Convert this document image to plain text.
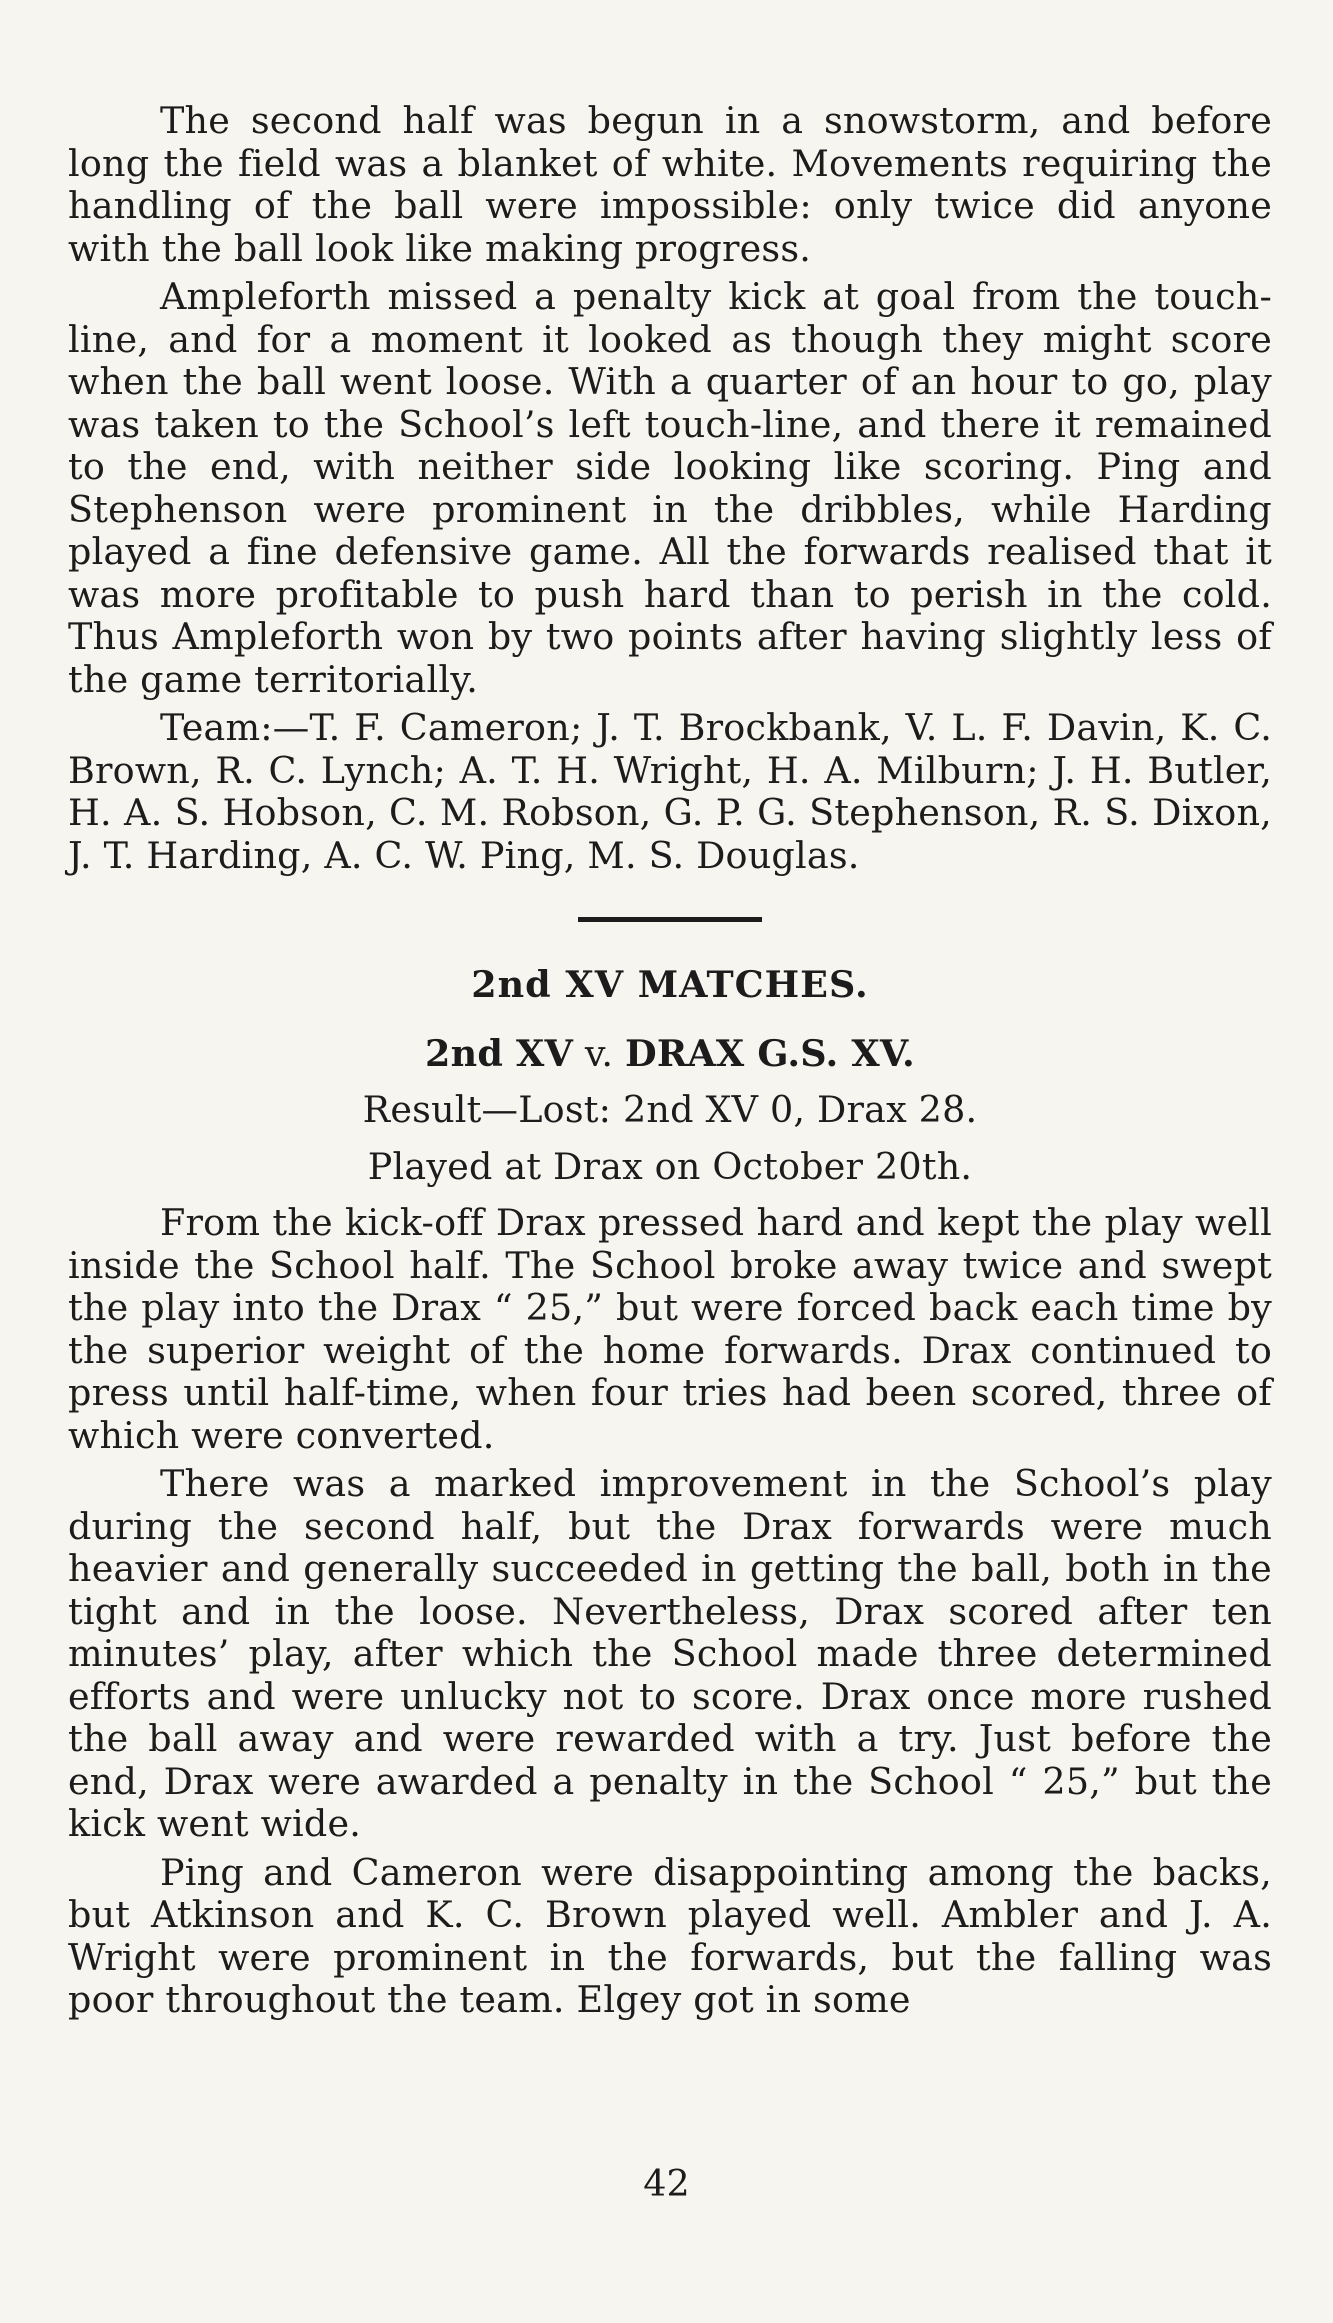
The second half was begun in a snowstorm, and before long the field was a blanket of white. Movements requiring the handling of the ball were impossible: only twice did anyone with the ball look like making progress.

Ampleforth missed a penalty kick at goal from the touch-line, and for a moment it looked as though they might score when the ball went loose. With a quarter of an hour to go, play was taken to the School’s left touch-line, and there it remained to the end, with neither side looking like scoring. Ping and Stephenson were prominent in the dribbles, while Harding played a fine defensive game. All the forwards realised that it was more profitable to push hard than to perish in the cold. Thus Ampleforth won by two points after having slightly less of the game territorially.

Team:—T. F. Cameron; J. T. Brockbank, V. L. F. Davin, K. C. Brown, R. C. Lynch; A. T. H. Wright, H. A. Milburn; J. H. Butler, H. A. S. Hobson, C. M. Robson, G. P. G. Stephenson, R. S. Dixon, J. T. Harding, A. C. W. Ping, M. S. Douglas.

2nd XV MATCHES.
2nd XV v. DRAX G.S. XV.
Result—Lost: 2nd XV 0, Drax 28.
Played at Drax on October 20th.

From the kick-off Drax pressed hard and kept the play well inside the School half. The School broke away twice and swept the play into the Drax “ 25,” but were forced back each time by the superior weight of the home forwards. Drax continued to press until half-time, when four tries had been scored, three of which were converted.

There was a marked improvement in the School’s play during the second half, but the Drax forwards were much heavier and generally succeeded in getting the ball, both in the tight and in the loose. Nevertheless, Drax scored after ten minutes’ play, after which the School made three determined efforts and were unlucky not to score. Drax once more rushed the ball away and were rewarded with a try. Just before the end, Drax were awarded a penalty in the School “ 25,” but the kick went wide.

Ping and Cameron were disappointing among the backs, but Atkinson and K. C. Brown played well. Ambler and J. A. Wright were prominent in the forwards, but the falling was poor throughout the team. Elgey got in some

42
